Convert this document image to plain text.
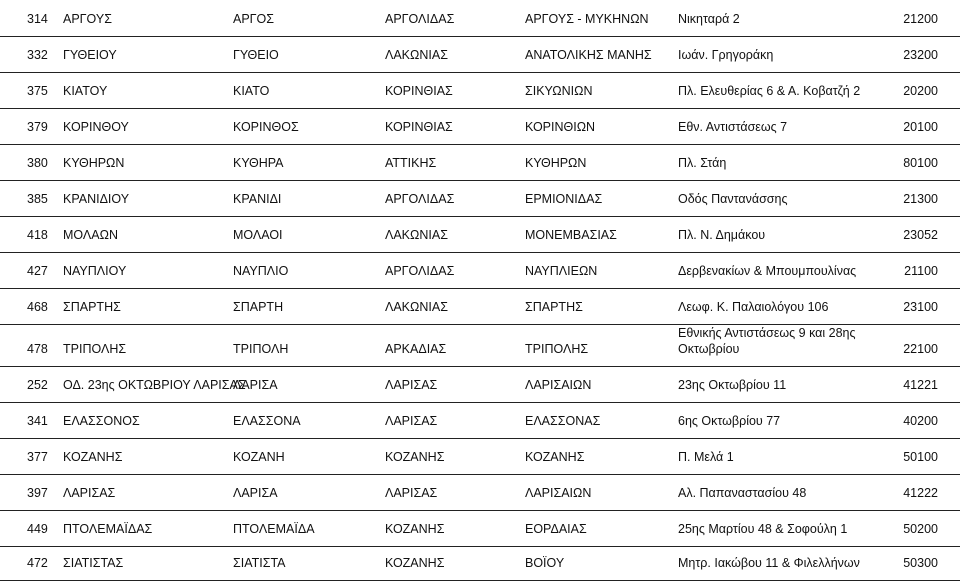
314	ΑΡΓΟΥΣ	ΑΡΓΟΣ	ΑΡΓΟΛΙΔΑΣ	ΑΡΓΟΥΣ - ΜΥΚΗΝΩΝ	Νικηταρά 2	21200

332	ΓΥΘΕΙΟΥ	ΓΥΘΕΙΟ	ΛΑΚΩΝΙΑΣ	ΑΝΑΤΟΛΙΚΗΣ ΜΑΝΗΣ	Ιωάν. Γρηγοράκη	23200

375	ΚΙΑΤΟΥ	ΚΙΑΤΟ	ΚΟΡΙΝΘΙΑΣ	ΣΙΚΥΩΝΙΩΝ	Πλ. Ελευθερίας 6 & Α. Κοβατζή 2	20200

379	ΚΟΡΙΝΘΟΥ	ΚΟΡΙΝΘΟΣ	ΚΟΡΙΝΘΙΑΣ	ΚΟΡΙΝΘΙΩΝ	Εθν. Αντιστάσεως 7	20100

380	ΚΥΘΗΡΩΝ	ΚΥΘΗΡΑ	ΑΤΤΙΚΗΣ	ΚΥΘΗΡΩΝ	Πλ. Στάη	80100

385	ΚΡΑΝΙΔΙΟΥ	ΚΡΑΝΙΔΙ	ΑΡΓΟΛΙΔΑΣ	ΕΡΜΙΟΝΙΔΑΣ	Οδός Παντανάσσης	21300

418	ΜΟΛΑΩΝ	ΜΟΛΑΟΙ	ΛΑΚΩΝΙΑΣ	ΜΟΝΕΜΒΑΣΙΑΣ	Πλ. Ν. Δημάκου	23052

427	ΝΑΥΠΛΙΟΥ	ΝΑΥΠΛΙΟ	ΑΡΓΟΛΙΔΑΣ	ΝΑΥΠΛΙΕΩΝ	Δερβενακίων & Μπουμπουλίνας	21100

468	ΣΠΑΡΤΗΣ	ΣΠΑΡΤΗ	ΛΑΚΩΝΙΑΣ	ΣΠΑΡΤΗΣ	Λεωφ. Κ. Παλαιολόγου 106	23100

478	ΤΡΙΠΟΛΗΣ	ΤΡΙΠΟΛΗ	ΑΡΚΑΔΙΑΣ	ΤΡΙΠΟΛΗΣ	Εθνικής Αντιστάσεως 9 και 28ης Οκτωβρίου	22100

252	ΟΔ. 23ης ΟΚΤΩΒΡΙΟΥ ΛΑΡΙΣΑΣ	ΛΑΡΙΣΑ	ΛΑΡΙΣΑΣ	ΛΑΡΙΣΑΙΩΝ	23ης Οκτωβρίου 11	41221

341	ΕΛΑΣΣΟΝΟΣ	ΕΛΑΣΣΟΝΑ	ΛΑΡΙΣΑΣ	ΕΛΑΣΣΟΝΑΣ	6ης Οκτωβρίου 77	40200

377	ΚΟΖΑΝΗΣ	ΚΟΖΑΝΗ	ΚΟΖΑΝΗΣ	ΚΟΖΑΝΗΣ	Π. Μελά 1	50100

397	ΛΑΡΙΣΑΣ	ΛΑΡΙΣΑ	ΛΑΡΙΣΑΣ	ΛΑΡΙΣΑΙΩΝ	Αλ. Παπαναστασίου 48	41222

449	ΠΤΟΛΕΜΑΪΔΑΣ	ΠΤΟΛΕΜΑΪΔΑ	ΚΟΖΑΝΗΣ	ΕΟΡΔΑΙΑΣ	25ης Μαρτίου 48 & Σοφούλη 1	50200

472	ΣΙΑΤΙΣΤΑΣ	ΣΙΑΤΙΣΤΑ	ΚΟΖΑΝΗΣ	ΒΟΪΟΥ	Μητρ. Ιακώβου 11 & Φιλελλήνων	50300
